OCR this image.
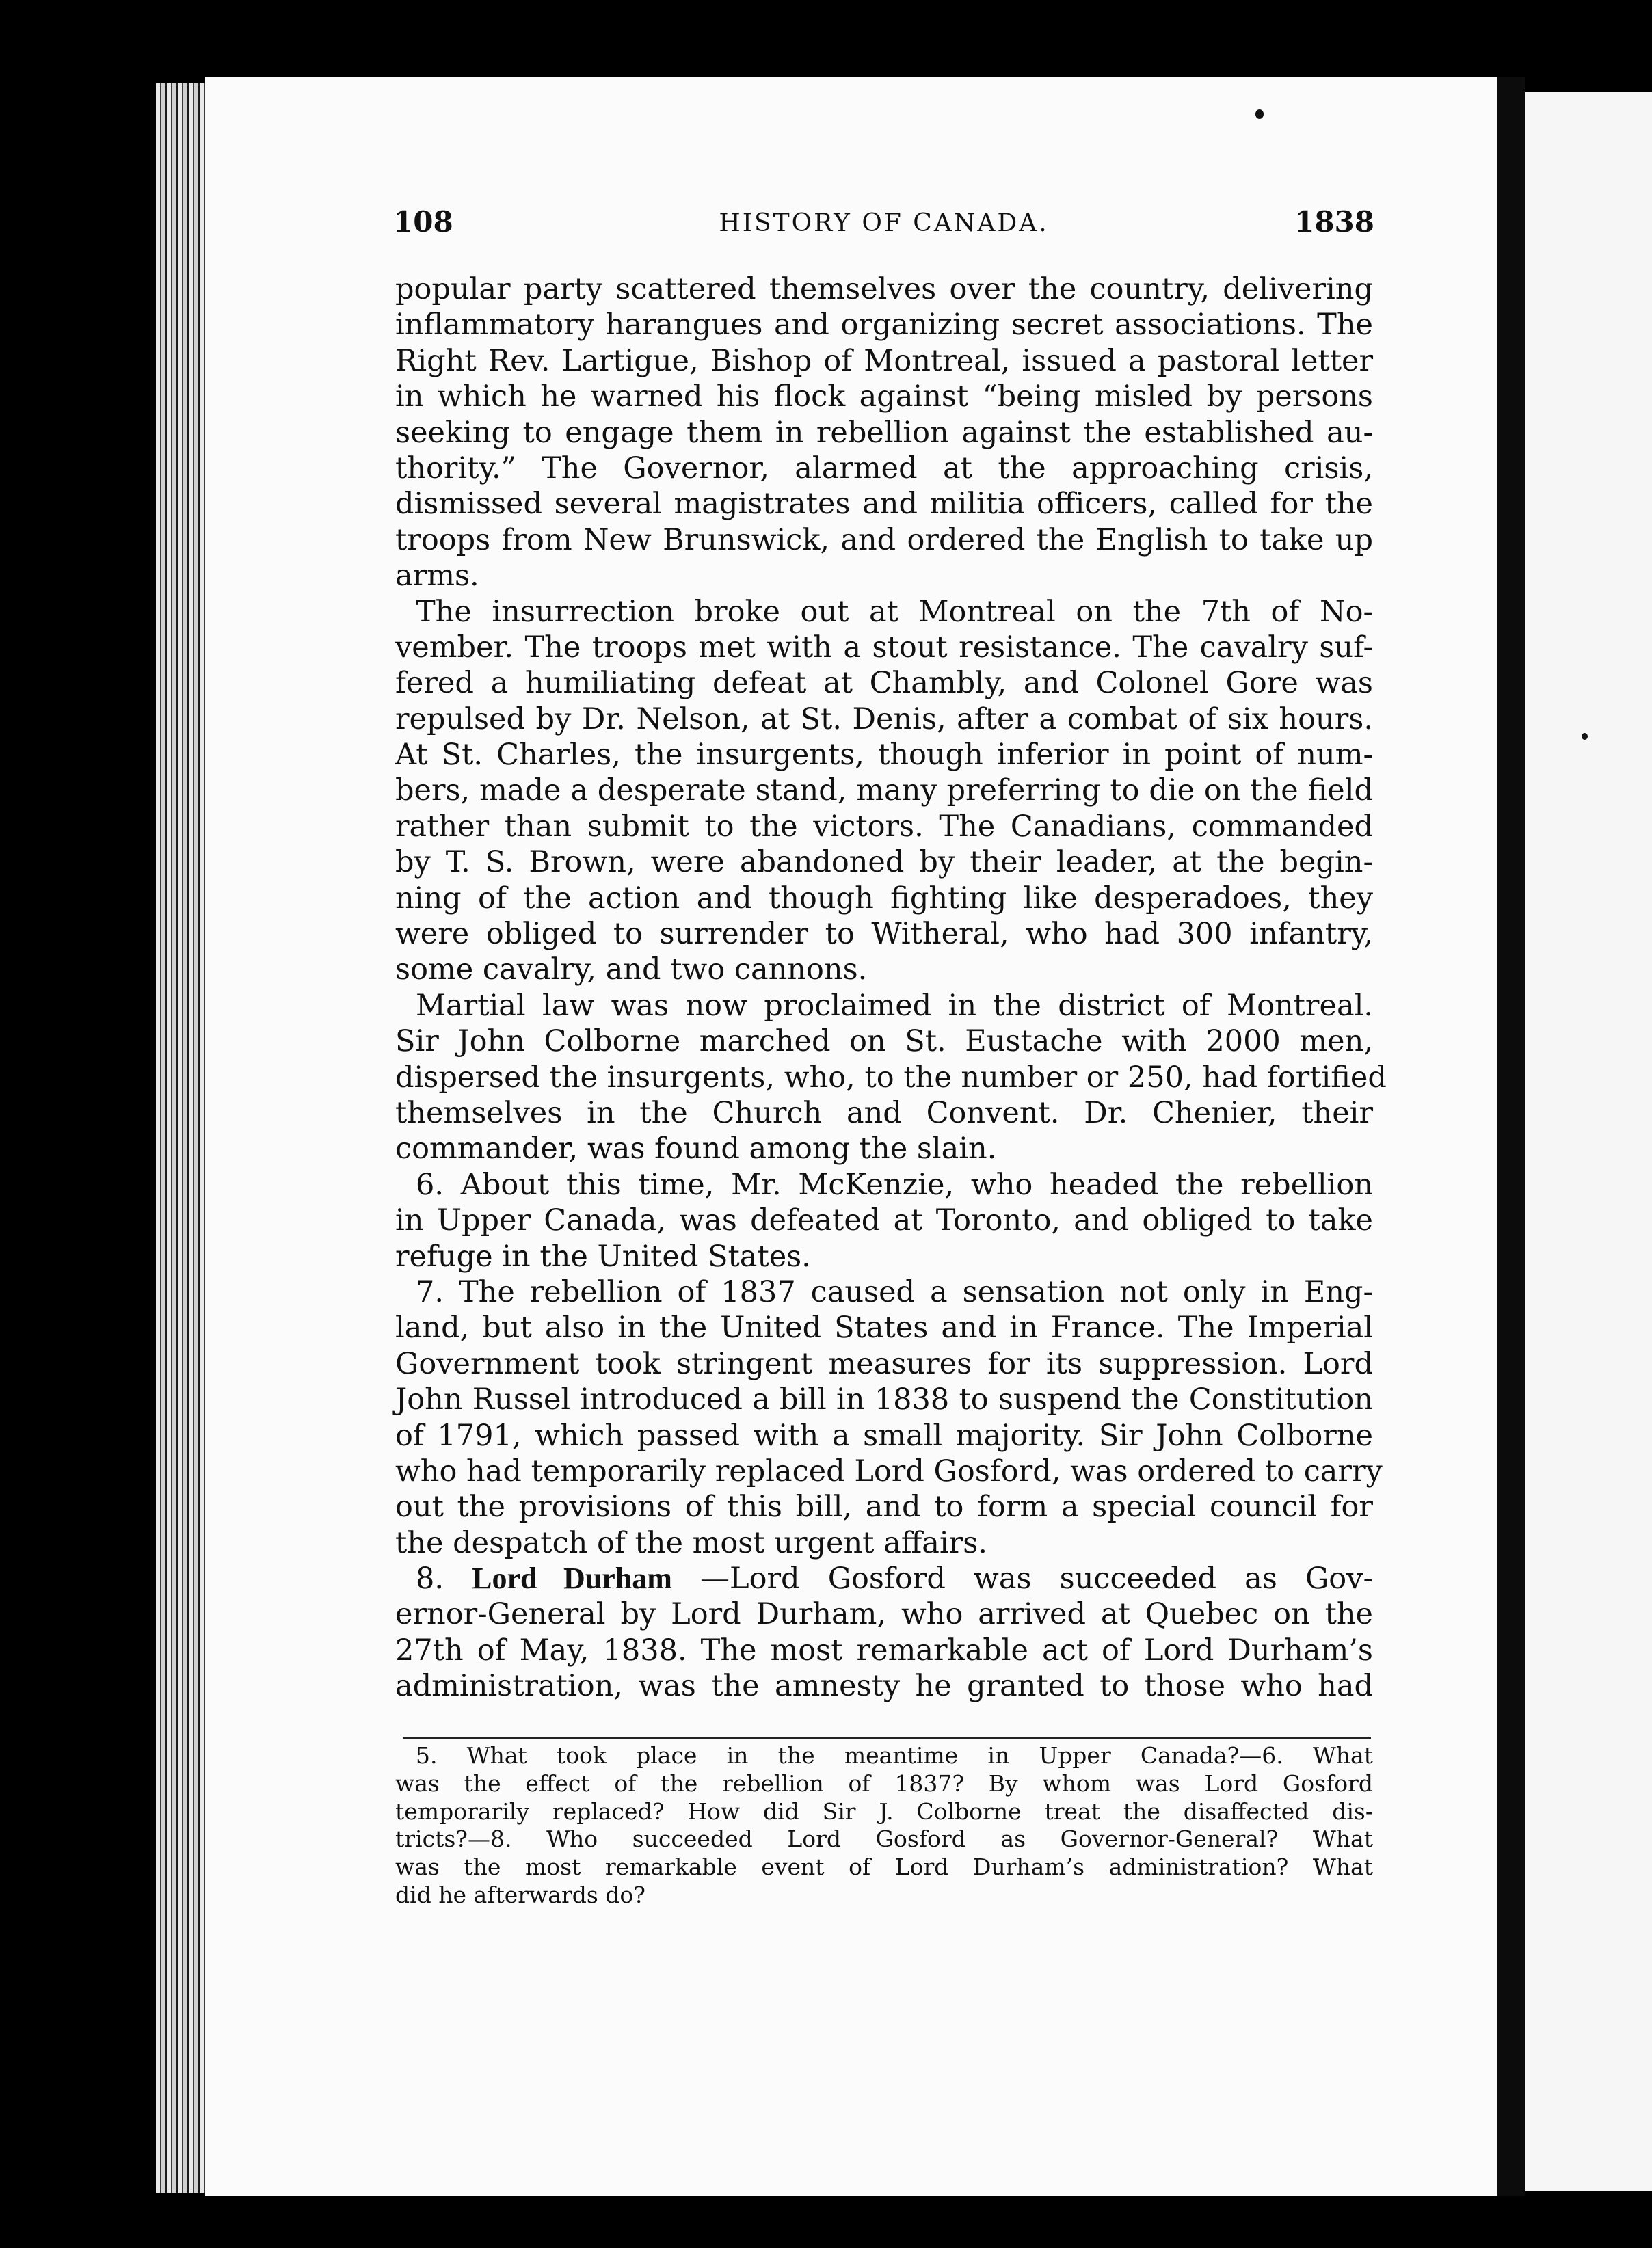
108	HISTORY OF CANADA.	1838
popular party scattered themselves over the country, delivering
inflammatory harangues and organizing secret associations. The
Right Rev. Lartigue, Bishop of Montreal, issued a pastoral letter
in which he warned his flock against “being misled by persons
seeking to engage them in rebellion against the established au-
thority.” The Governor, alarmed at the approaching crisis,
dismissed several magistrates and militia officers, called for the
troops from New Brunswick, and ordered the English to take up
arms.
The insurrection broke out at Montreal on the 7th of No-
vember. The troops met with a stout resistance. The cavalry suf-
fered a humiliating defeat at Chambly, and Colonel Gore was
repulsed by Dr. Nelson, at St. Denis, after a combat of six hours.
At St. Charles, the insurgents, though inferior in point of num-
bers, made a desperate stand, many preferring to die on the field
rather than submit to the victors. The Canadians, commanded
by T. S. Brown, were abandoned by their leader, at the begin-
ning of the action and though fighting like desperadoes, they
were obliged to surrender to Witheral, who had 300 infantry,
some cavalry, and two cannons.
Martial law was now proclaimed in the district of Montreal.
Sir John Colborne marched on St. Eustache with 2000 men,
dispersed the insurgents, who, to the number or 250, had fortified
themselves in the Church and Convent. Dr. Chenier, their
commander, was found among the slain.
6. About this time, Mr. McKenzie, who headed the rebellion
in Upper Canada, was defeated at Toronto, and obliged to take
refuge in the United States.
7. The rebellion of 1837 caused a sensation not only in Eng-
land, but also in the United States and in France. The Imperial
Government took stringent measures for its suppression. Lord
John Russel introduced a bill in 1838 to suspend the Constitution
of 1791, which passed with a small majority. Sir John Colborne
who had temporarily replaced Lord Gosford, was ordered to carry
out the provisions of this bill, and to form a special council for
the despatch of the most urgent affairs.
8. Lord Durham —Lord Gosford was succeeded as Gov-
ernor-General by Lord Durham, who arrived at Quebec on the
27th of May, 1838. The most remarkable act of Lord Durham’s
administration, was the amnesty he granted to those who had
5. What took place in the meantime in Upper Canada?—6. What
was the effect of the rebellion of 1837? By whom was Lord Gosford
temporarily replaced? How did Sir J. Colborne treat the disaffected dis-
tricts?—8. Who succeeded Lord Gosford as Governor-General? What
was the most remarkable event of Lord Durham’s administration? What
did he afterwards do?
